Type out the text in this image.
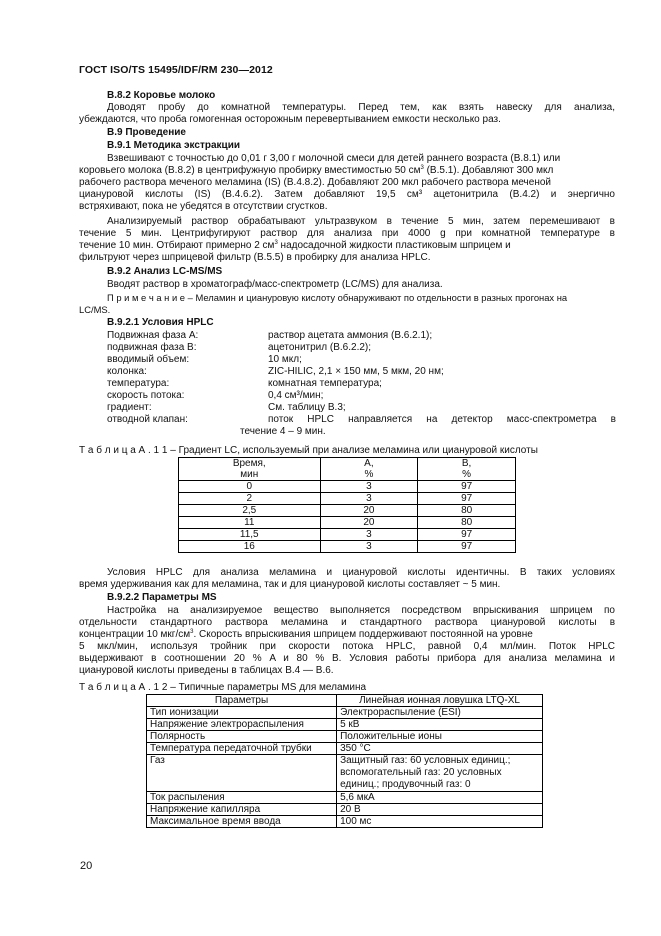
ГОСТ ISO/TS 15495/IDF/RM 230—2012
B.8.2 Коровье молоко
Доводят пробу до комнатной температуры. Перед тем, как взять навеску для анализа,
убеждаются, что проба гомогенная осторожным перевертыванием емкости несколько раз.
B.9 Проведение
B.9.1 Методика экстракции
Взвешивают с точностью до 0,01 г 3,00 г молочной смеси для детей раннего возраста (B.8.1) или
коровьего молока (B.8.2) в центрифужную пробирку вместимостью 50 $см^3$ (B.5.1). Добавляют 300 мкл
рабочего раствора меченого меламина (IS) (B.4.8.2). Добавляют 200 мкл рабочего раствора меченой
циануровой кислоты (IS) (B.4.6.2). Затем добавляют 19,5 см³ ацетонитрила (B.4.2) и энергично
встряхивают, пока не убедятся в отсутствии сгустков.
Анализируемый раствор обрабатывают ультразвуком в течение 5 мин, затем перемешивают в
течение 5 мин. Центрифугируют раствор для анализа при 4000 g при комнатной температуре в
течение 10 мин. Отбирают примерно 2 $см^3$ надосадочной жидкости пластиковым шприцем и
фильтруют через шприцевой фильтр (B.5.5) в пробирку для анализа HPLC.
B.9.2 Анализ LC-MS/MS
Вводят раствор в хроматограф/масс-спектрометр (LC/MS) для анализа.
П р и м е ч а н и е – Меламин и циануровую кислоту обнаруживают по отдельности в разных прогонах на
LC/MS.
B.9.2.1 Условия HPLC
Подвижная фаза A:	раствор ацетата аммония (B.6.2.1);
подвижная фаза B:	ацетонитрил (B.6.2.2);
вводимый объем:	10 мкл;
колонка:	ZIC-HILIC, 2,1 × 150 мм, 5 мкм, 20 нм;
температура:	комнатная температура;
скорость потока:	0,4 см³/мин;
градиент:	См. таблицу B.3;
отводной клапан:	поток HPLC направляется на детектор масс-спектрометра в
течение 4 – 9 мин.
Т а б л и ц а А . 1 1 – Градиент LC, используемый при анализе меламина или циануровой кислоты
Время,	A,	B,
мин	%	%
0	3	97
2	3	97
2,5	20	80
11	20	80
11,5	3	97
16	3	97
Условия HPLC для анализа меламина и циануровой кислоты идентичны. В таких условиях
время удерживания как для меламина, так и для циануровой кислоты составляет ~ 5 мин.
B.9.2.2 Параметры MS
Настройка на анализируемое вещество выполняется посредством впрыскивания шприцем по
отдельности стандартного раствора меламина и стандартного раствора циануровой кислоты в
концентрации 10 мкг/$см^3$. Скорость впрыскивания шприцем поддерживают постоянной на уровне
5 мкл/мин, используя тройник при скорости потока HPLC, равной 0,4 мл/мин. Поток HPLC
выдерживают в соотношении 20 % A и 80 % B. Условия работы прибора для анализа меламина и
циануровой кислоты приведены в таблицах B.4 — B.6.
Т а б л и ц а А . 1 2 – Типичные параметры MS для меламина
Параметры	Линейная ионная ловушка LTQ-XL
Тип ионизации	Электрораспыление (ESI)
Напряжение электрораспыления	5 кВ
Полярность	Положительные ионы
Температура передаточной трубки	350 °C
Газ	Защитный газ: 60 условных единиц.; вспомогательный газ: 20 условных единиц.; продувочный газ: 0
Ток распыления	5,6 мкА
Напряжение капилляра	20 В
Максимальное время ввода	100 мс
20
